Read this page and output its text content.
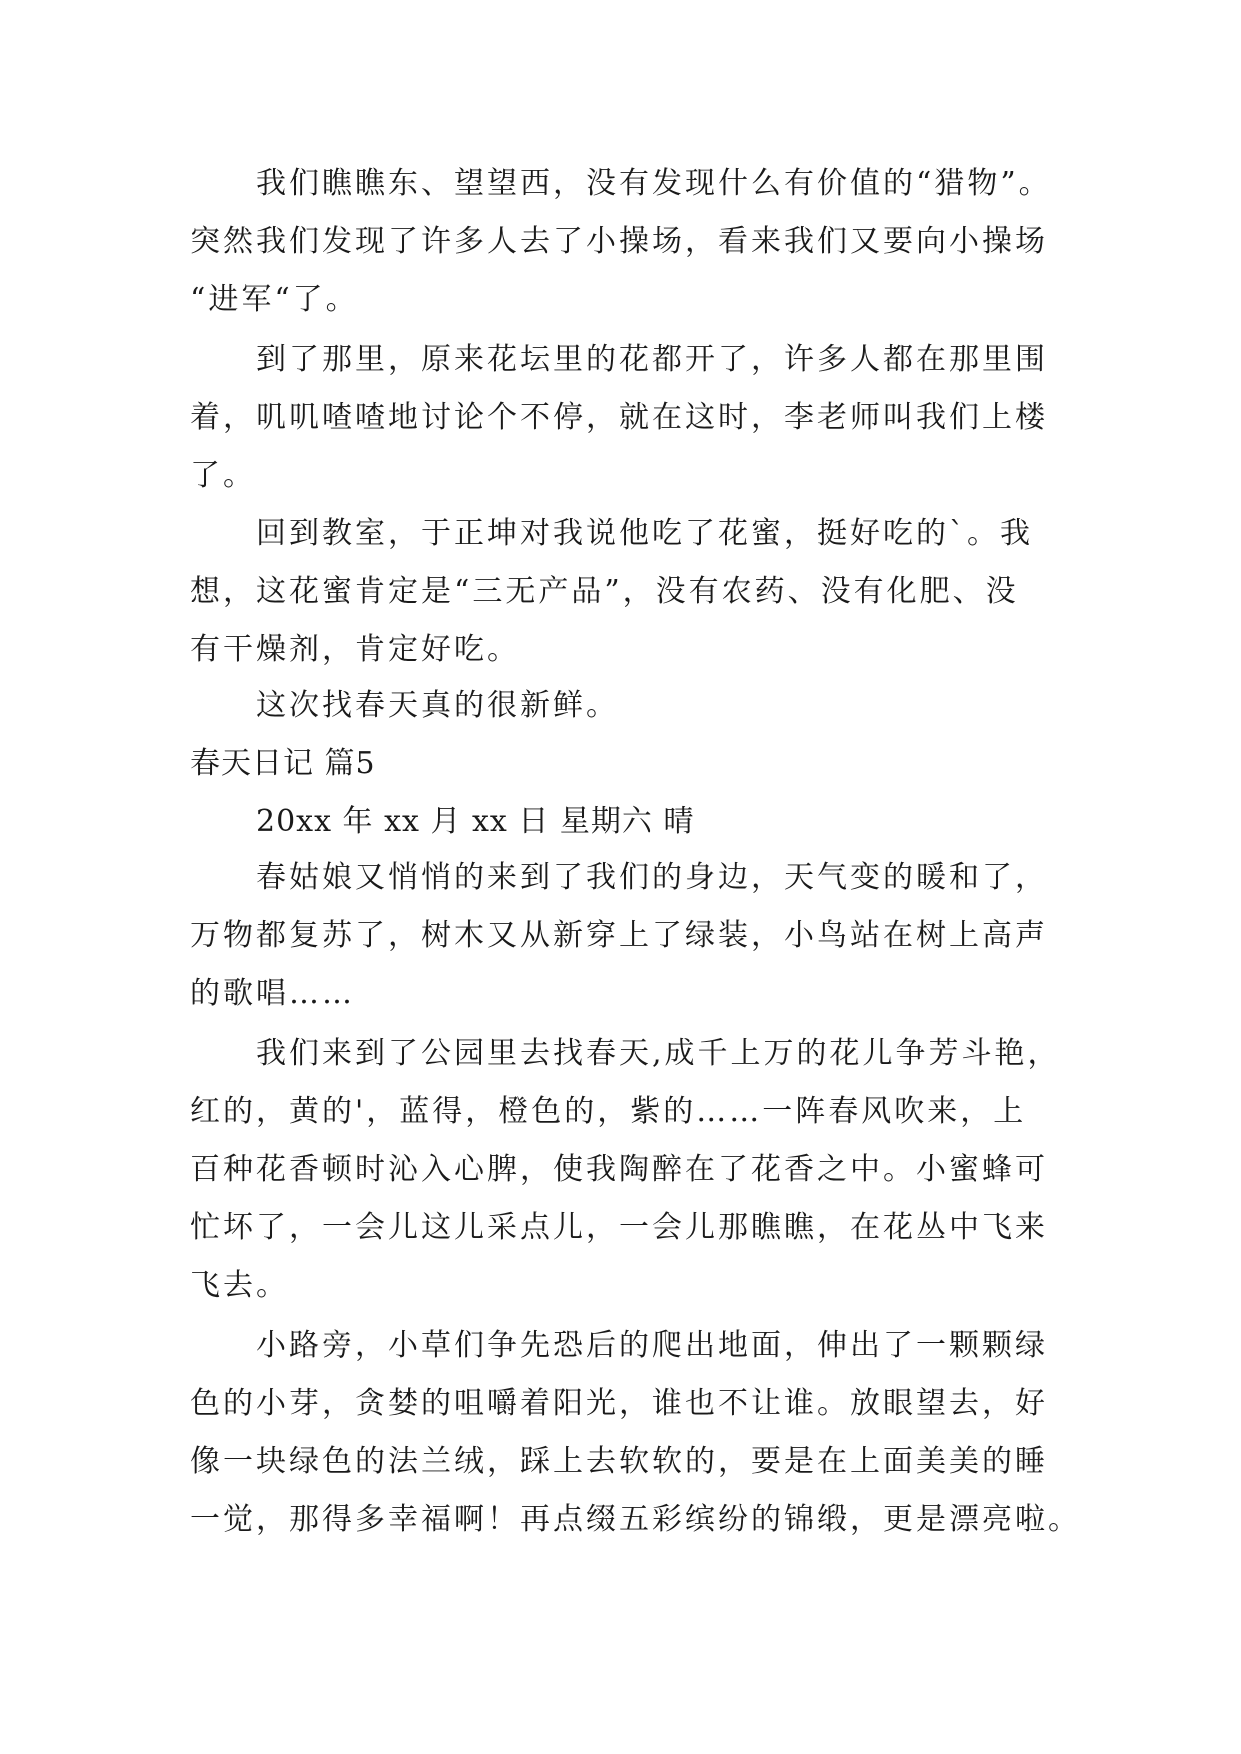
我们瞧瞧东、望望西，没有发现什么有价值的“猎物”。
突然我们发现了许多人去了小操场，看来我们又要向小操场
“进军“了。
到了那里，原来花坛里的花都开了，许多人都在那里围
着，叽叽喳喳地讨论个不停，就在这时，李老师叫我们上楼
了。
回到教室，于正坤对我说他吃了花蜜，挺好吃的`。我
想，这花蜜肯定是“三无产品”，没有农药、没有化肥、没
有干燥剂，肯定好吃。
这次找春天真的很新鲜。
春天日记 篇5
20xx 年 xx 月 xx 日 星期六 晴
春姑娘又悄悄的来到了我们的身边，天气变的暖和了，
万物都复苏了，树木又从新穿上了绿装，小鸟站在树上高声
的歌唱……
我们来到了公园里去找春天,成千上万的花儿争芳斗艳，
红的，黄的'，蓝得，橙色的，紫的……一阵春风吹来，上
百种花香顿时沁入心脾，使我陶醉在了花香之中。小蜜蜂可
忙坏了，一会儿这儿采点儿，一会儿那瞧瞧，在花丛中飞来
飞去。
小路旁，小草们争先恐后的爬出地面，伸出了一颗颗绿
色的小芽，贪婪的咀嚼着阳光，谁也不让谁。放眼望去，好
像一块绿色的法兰绒，踩上去软软的，要是在上面美美的睡
一觉，那得多幸福啊！再点缀五彩缤纷的锦缎，更是漂亮啦。
